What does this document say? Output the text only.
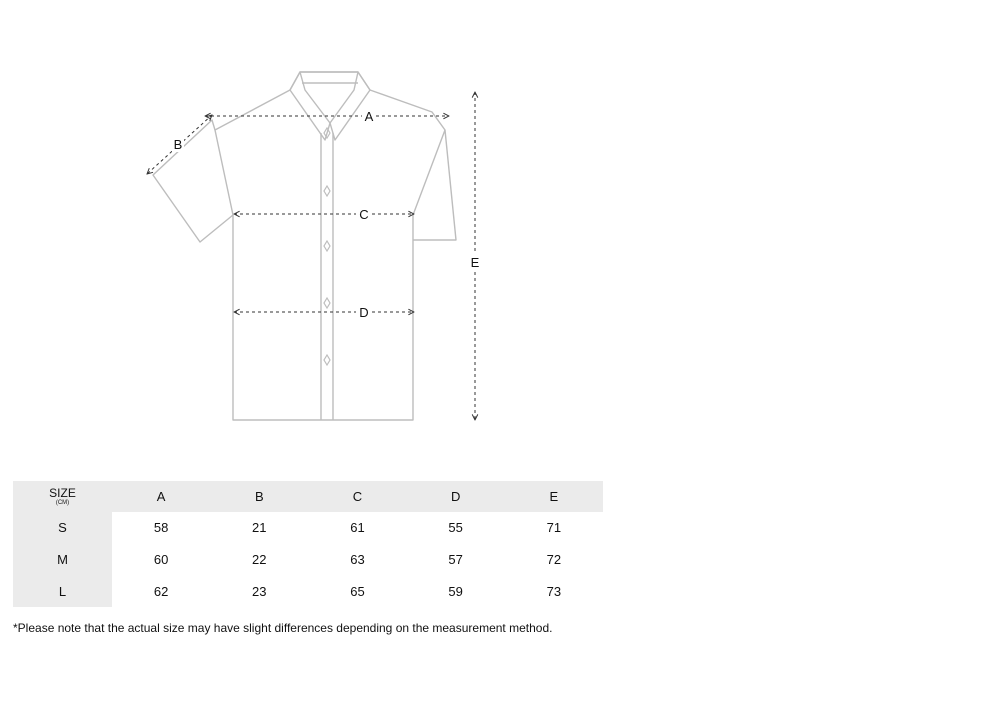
A
B
C
D
E
SIZE
(CM)	A	B	C	D	E
S	58	21	61	55	71
M	60	22	63	57	72
L	62	23	65	59	73

*Please note that the actual size may have slight differences depending on the measurement method.
